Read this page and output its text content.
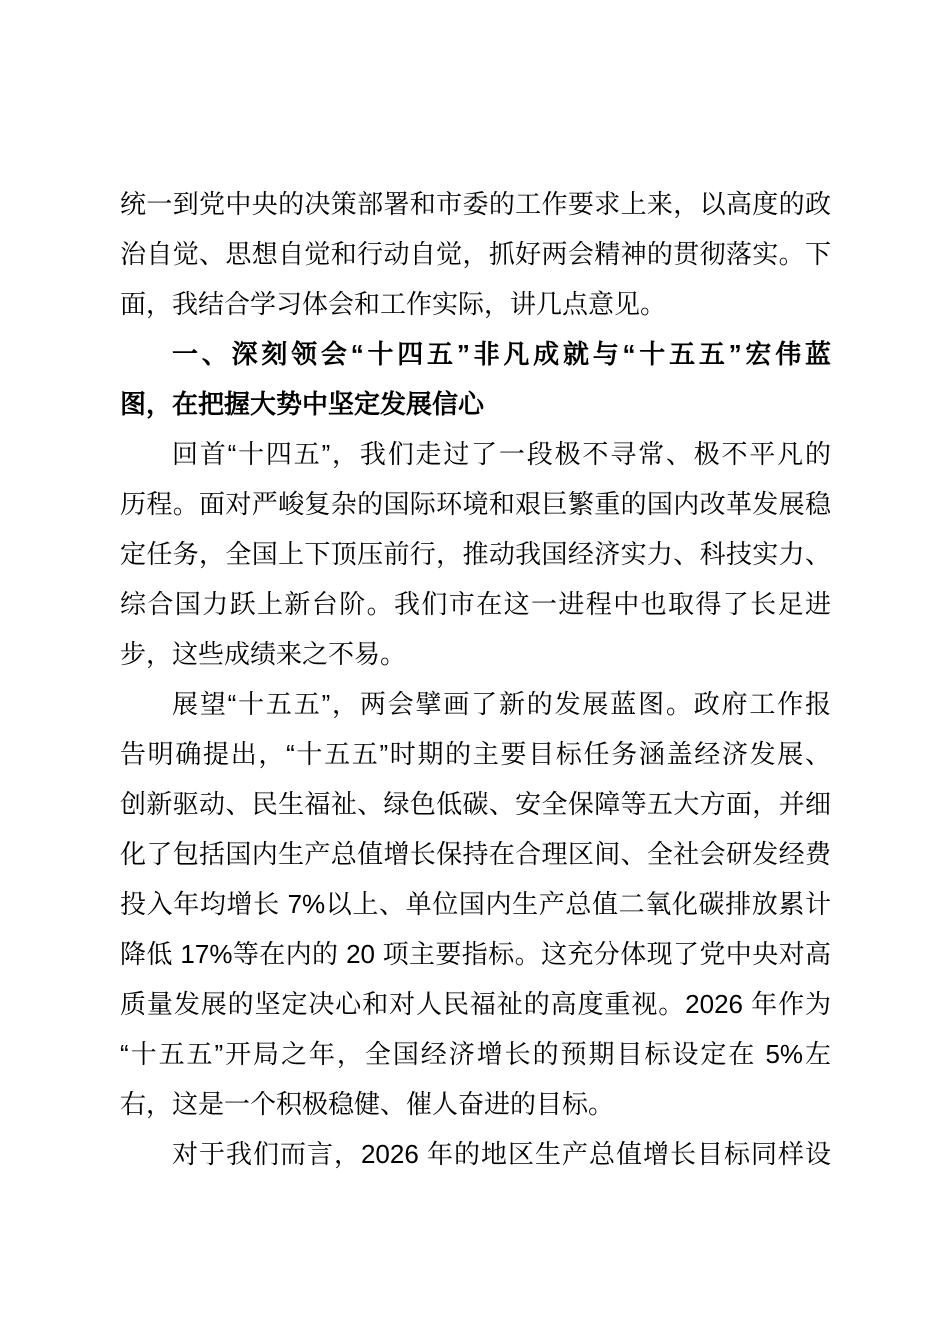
统一到党中央的决策部署和市委的工作要求上来，以高度的政
治自觉、思想自觉和行动自觉，抓好两会精神的贯彻落实。下
面，我结合学习体会和工作实际，讲几点意见。
一、深刻领会“十四五”非凡成就与“十五五”宏伟蓝
图，在把握大势中坚定发展信心
回首“十四五”，我们走过了一段极不寻常、极不平凡的
历程。面对严峻复杂的国际环境和艰巨繁重的国内改革发展稳
定任务，全国上下顶压前行，推动我国经济实力、科技实力、
综合国力跃上新台阶。我们市在这一进程中也取得了长足进
步，这些成绩来之不易。
展望“十五五”，两会擘画了新的发展蓝图。政府工作报
告明确提出，“十五五”时期的主要目标任务涵盖经济发展、
创新驱动、民生福祉、绿色低碳、安全保障等五大方面，并细
化了包括国内生产总值增长保持在合理区间、全社会研发经费
投入年均增长 7%以上、单位国内生产总值二氧化碳排放累计
降低 17%等在内的 20 项主要指标。这充分体现了党中央对高
质量发展的坚定决心和对人民福祉的高度重视。2026 年作为
“十五五”开局之年，全国经济增长的预期目标设定在 5%左
右，这是一个积极稳健、催人奋进的目标。
对于我们而言，2026 年的地区生产总值增长目标同样设
